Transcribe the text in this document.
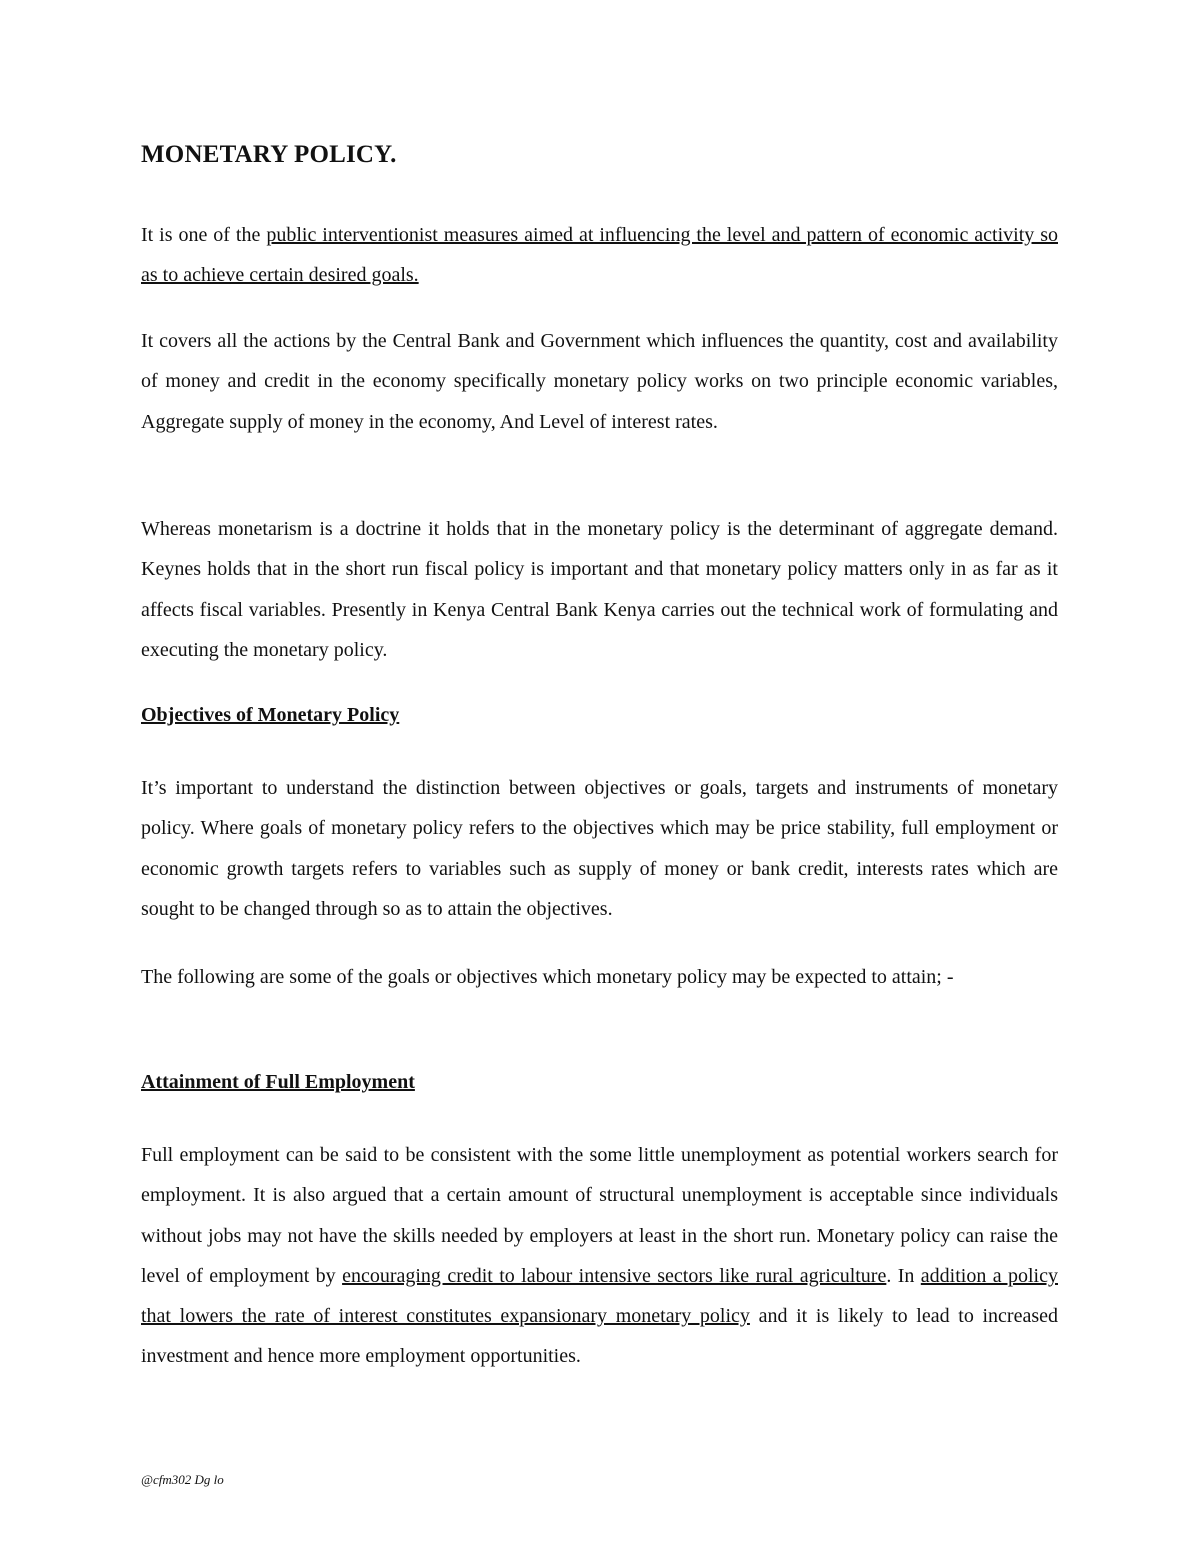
MONETARY POLICY.

It is one of the public interventionist measures aimed at influencing the level and pattern of economic activity so as to achieve certain desired goals.

It covers all the actions by the Central Bank and Government which influences the quantity, cost and availability of money and credit in the economy specifically monetary policy works on two principle economic variables, Aggregate supply of money in the economy, And Level of interest rates.

Whereas monetarism is a doctrine it holds that in the monetary policy is the determinant of aggregate demand. Keynes holds that in the short run fiscal policy is important and that monetary policy matters only in as far as it affects fiscal variables. Presently in Kenya Central Bank Kenya carries out the technical work of formulating and executing the monetary policy.

Objectives of Monetary Policy

It’s important to understand the distinction between objectives or goals, targets and instruments of monetary policy. Where goals of monetary policy refers to the objectives which may be price stability, full employment or economic growth targets refers to variables such as supply of money or bank credit, interests rates which are sought to be changed through so as to attain the objectives.

The following are some of the goals or objectives which monetary policy may be expected to attain; -

Attainment of Full Employment

Full employment can be said to be consistent with the some little unemployment as potential workers search for employment. It is also argued that a certain amount of structural unemployment is acceptable since individuals without jobs may not have the skills needed by employers at least in the short run. Monetary policy can raise the level of employment by encouraging credit to labour intensive sectors like rural agriculture. In addition a policy that lowers the rate of interest constitutes expansionary monetary policy and it is likely to lead to increased investment and hence more employment opportunities.

@cfm302 Dg lo
